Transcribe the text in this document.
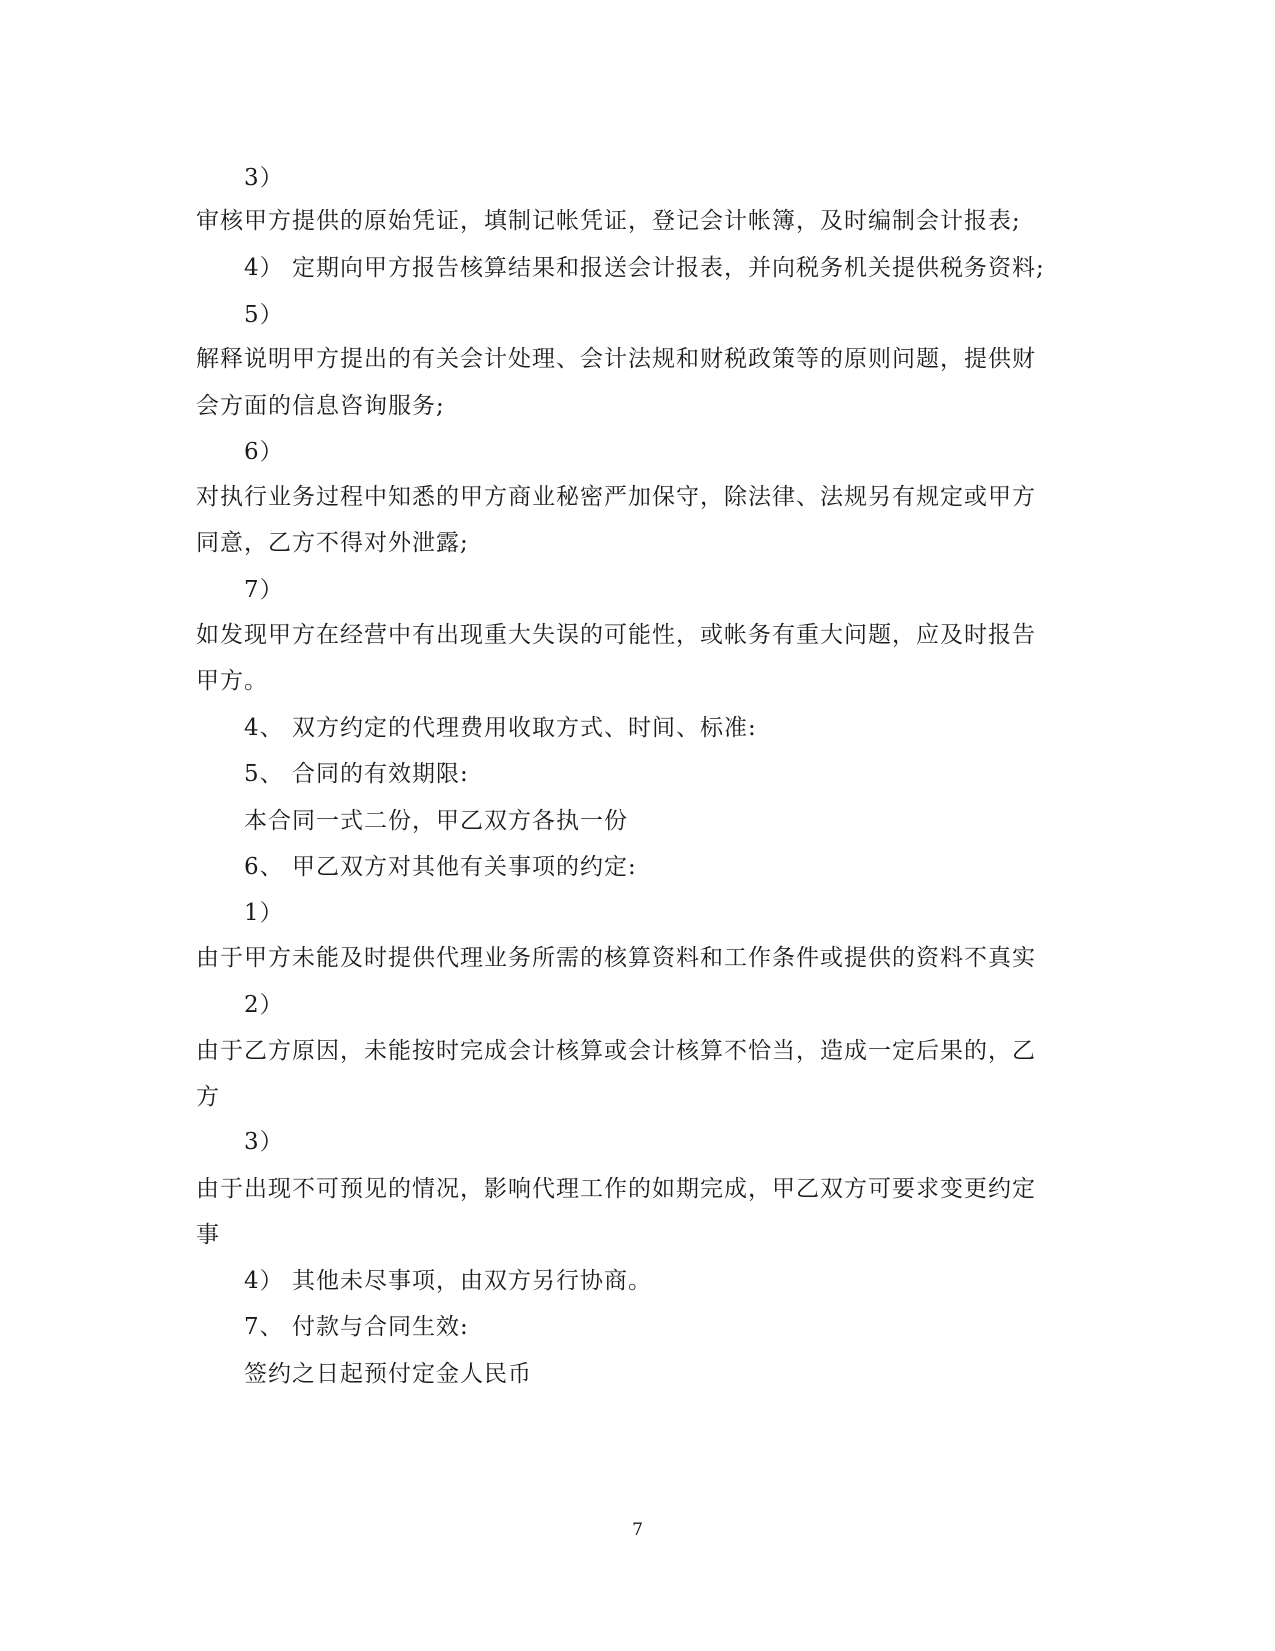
3）
审核甲方提供的原始凭证，填制记帐凭证，登记会计帐簿，及时编制会计报表;
4） 定期向甲方报告核算结果和报送会计报表，并向税务机关提供税务资料;
5）
解释说明甲方提出的有关会计处理、会计法规和财税政策等的原则问题，提供财
会方面的信息咨询服务;
6）
对执行业务过程中知悉的甲方商业秘密严加保守，除法律、法规另有规定或甲方
同意，乙方不得对外泄露;
7）
如发现甲方在经营中有出现重大失误的可能性，或帐务有重大问题，应及时报告
甲方。
4、 双方约定的代理费用收取方式、时间、标准:
5、 合同的有效期限:
本合同一式二份，甲乙双方各执一份
6、 甲乙双方对其他有关事项的约定:
1）
由于甲方未能及时提供代理业务所需的核算资料和工作条件或提供的资料不真实
2）
由于乙方原因，未能按时完成会计核算或会计核算不恰当，造成一定后果的，乙
方
3）
由于出现不可预见的情况，影响代理工作的如期完成，甲乙双方可要求变更约定
事
4） 其他未尽事项，由双方另行协商。
7、 付款与合同生效:
签约之日起预付定金人民币
7
